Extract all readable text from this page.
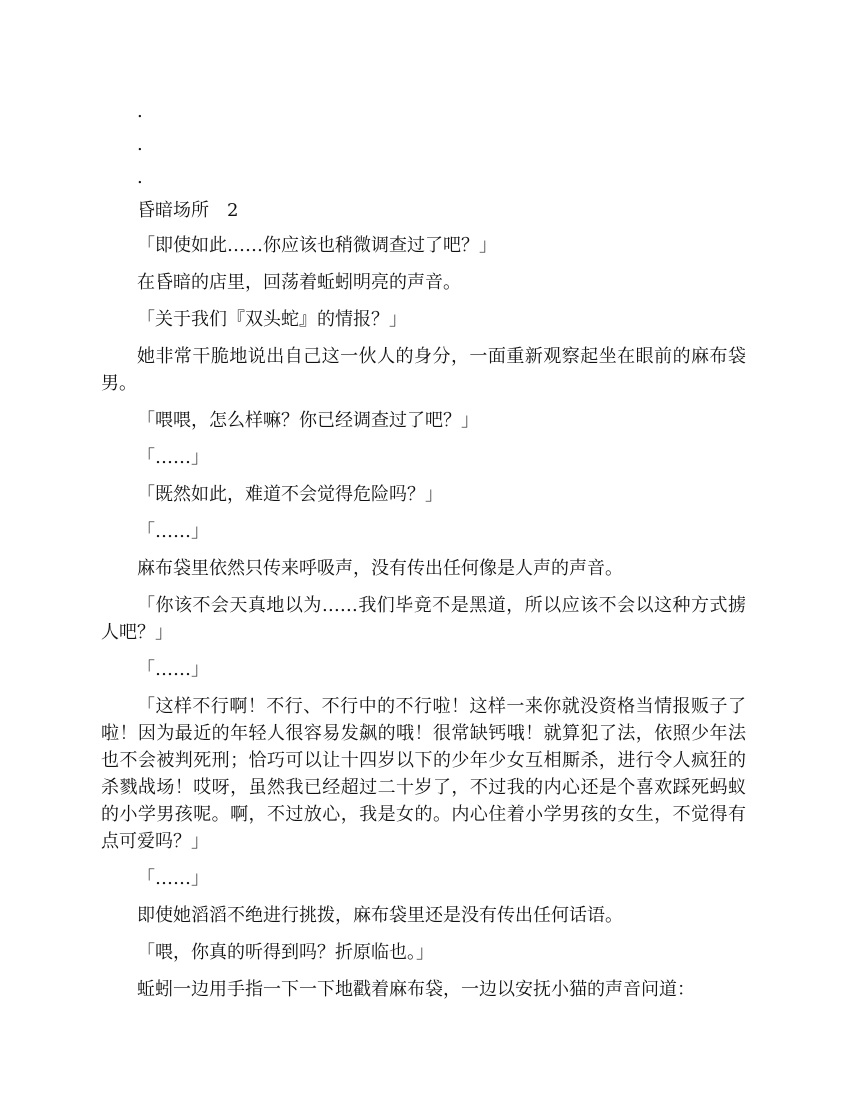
.

.

.

昏暗场所　2

「即使如此……你应该也稍微调查过了吧？」

在昏暗的店里，回荡着蚯蚓明亮的声音。

「关于我们『双头蛇』的情报？」

她非常干脆地说出自己这一伙人的身分，一面重新观察起坐在眼前的麻布袋男。

「喂喂，怎么样嘛？你已经调查过了吧？」

「……」

「既然如此，难道不会觉得危险吗？」

「……」

麻布袋里依然只传来呼吸声，没有传出任何像是人声的声音。

「你该不会天真地以为……我们毕竟不是黑道，所以应该不会以这种方式掳人吧？」

「……」

「这样不行啊！不行、不行中的不行啦！这样一来你就没资格当情报贩子了啦！因为最近的年轻人很容易发飙的哦！很常缺钙哦！就算犯了法，依照少年法也不会被判死刑；恰巧可以让十四岁以下的少年少女互相厮杀，进行令人疯狂的杀戮战场！哎呀，虽然我已经超过二十岁了，不过我的内心还是个喜欢踩死蚂蚁的小学男孩呢。啊，不过放心，我是女的。内心住着小学男孩的女生，不觉得有点可爱吗？」

「……」

即使她滔滔不绝进行挑拨，麻布袋里还是没有传出任何话语。

「喂，你真的听得到吗？折原临也。」

蚯蚓一边用手指一下一下地戳着麻布袋，一边以安抚小猫的声音问道：
